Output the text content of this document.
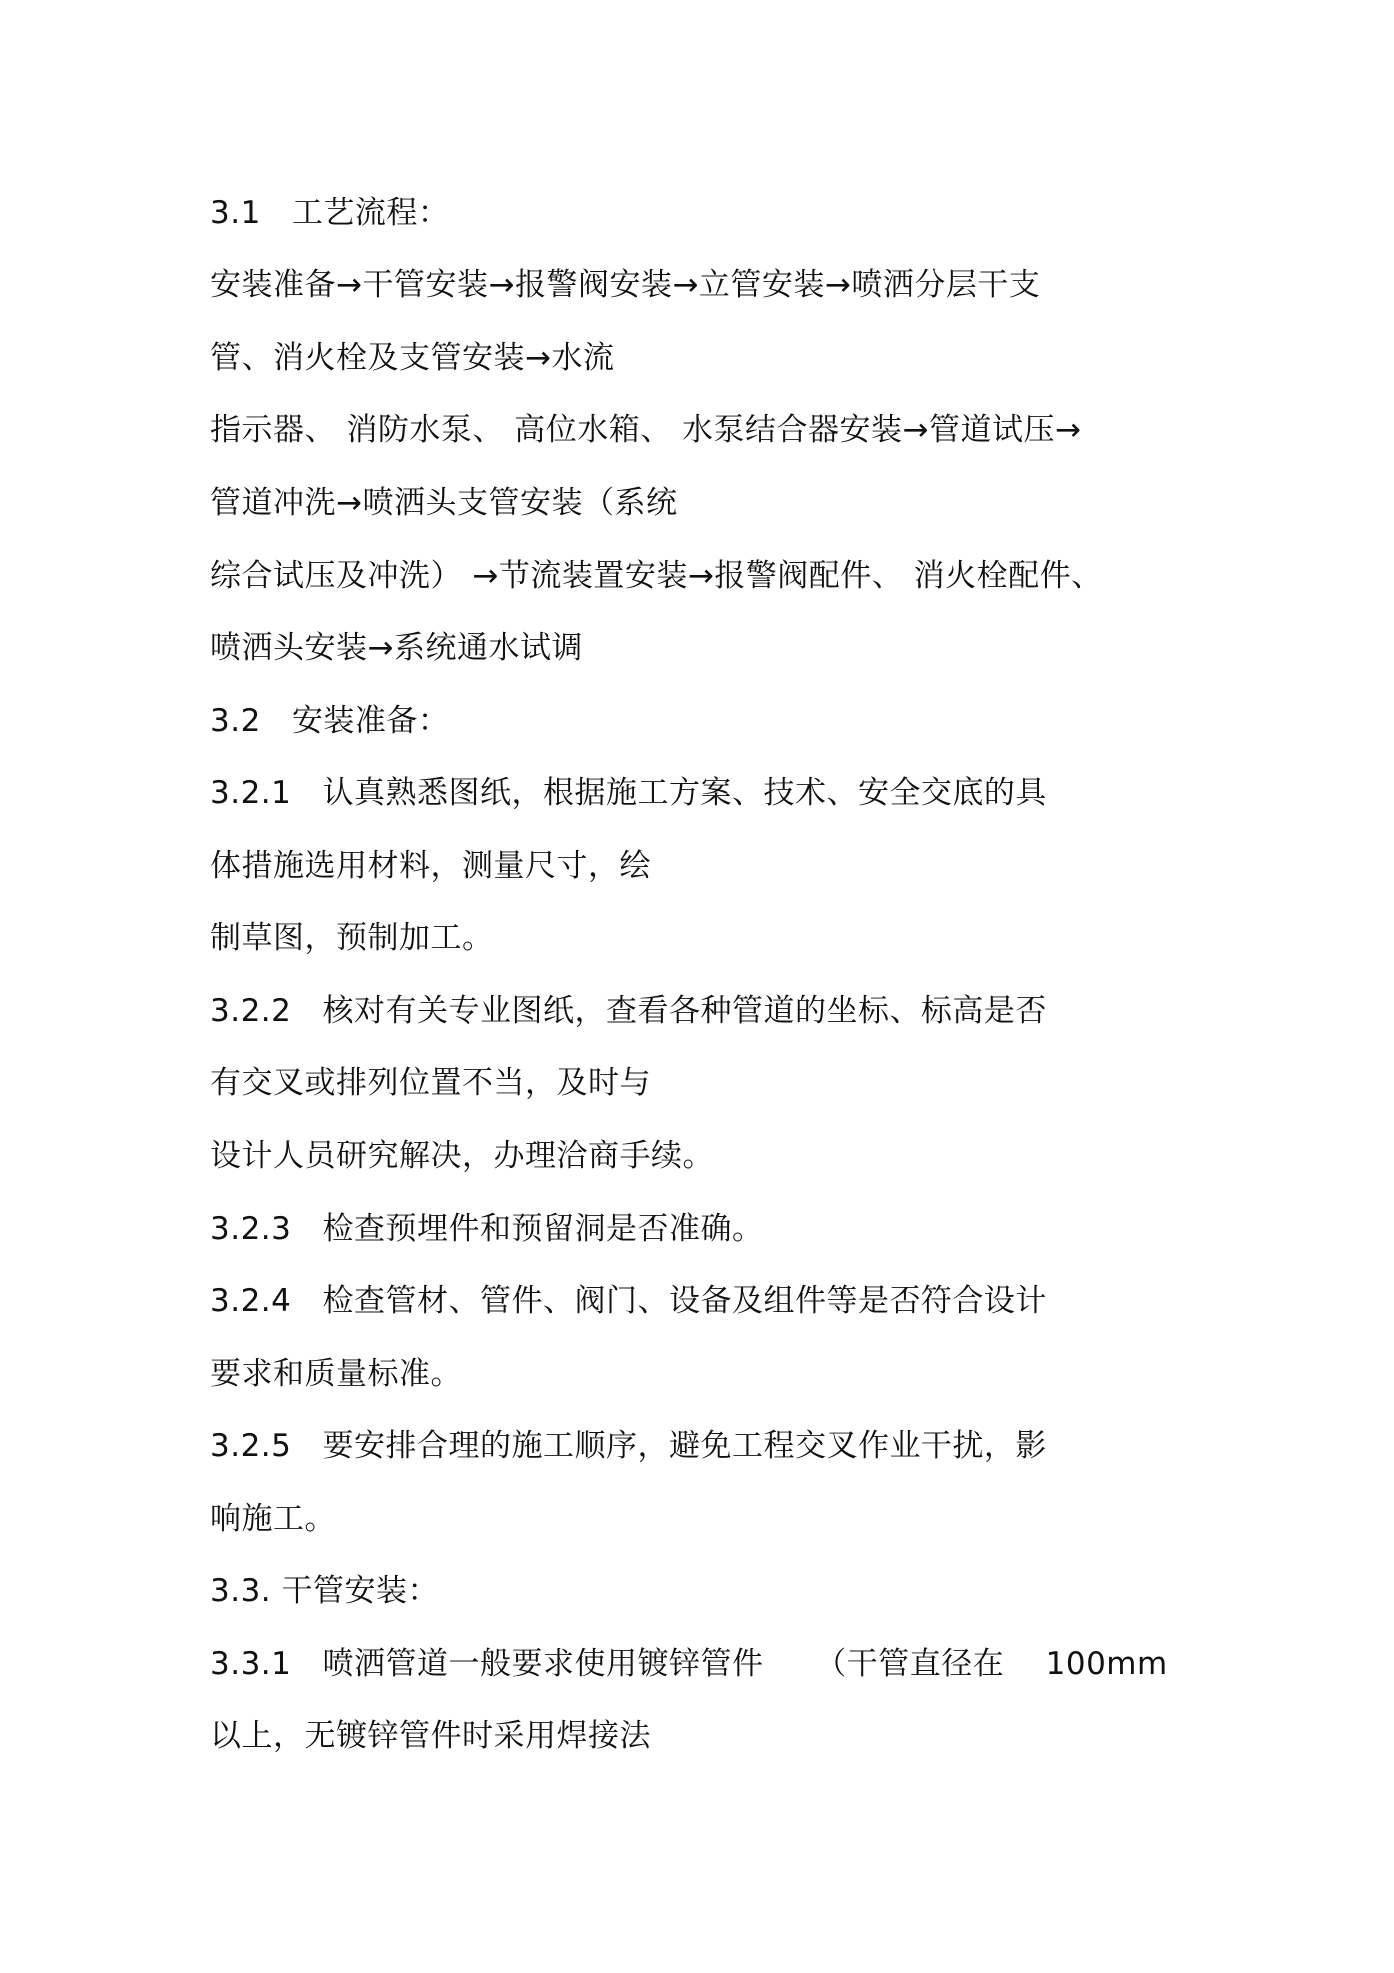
3.1   工艺流程：
安装准备→干管安装→报警阀安装→立管安装→喷洒分层干支
管、消火栓及支管安装→水流
指示器、 消防水泵、 高位水箱、 水泵结合器安装→管道试压→
管道冲洗→喷洒头支管安装（系统
综合试压及冲洗） →节流装置安装→报警阀配件、 消火栓配件、
喷洒头安装→系统通水试调
3.2   安装准备：
3.2.1   认真熟悉图纸，根据施工方案、技术、安全交底的具
体措施选用材料，测量尺寸，绘
制草图，预制加工。
3.2.2   核对有关专业图纸，查看各种管道的坐标、标高是否
有交叉或排列位置不当，及时与
设计人员研究解决，办理洽商手续。
3.2.3   检查预埋件和预留洞是否准确。
3.2.4   检查管材、管件、阀门、设备及组件等是否符合设计
要求和质量标准。
3.2.5   要安排合理的施工顺序，避免工程交叉作业干扰，影
响施工。
3.3. 干管安装：
3.3.1   喷洒管道一般要求使用镀锌管件     （干管直径在    100mm
以上，无镀锌管件时采用焊接法
